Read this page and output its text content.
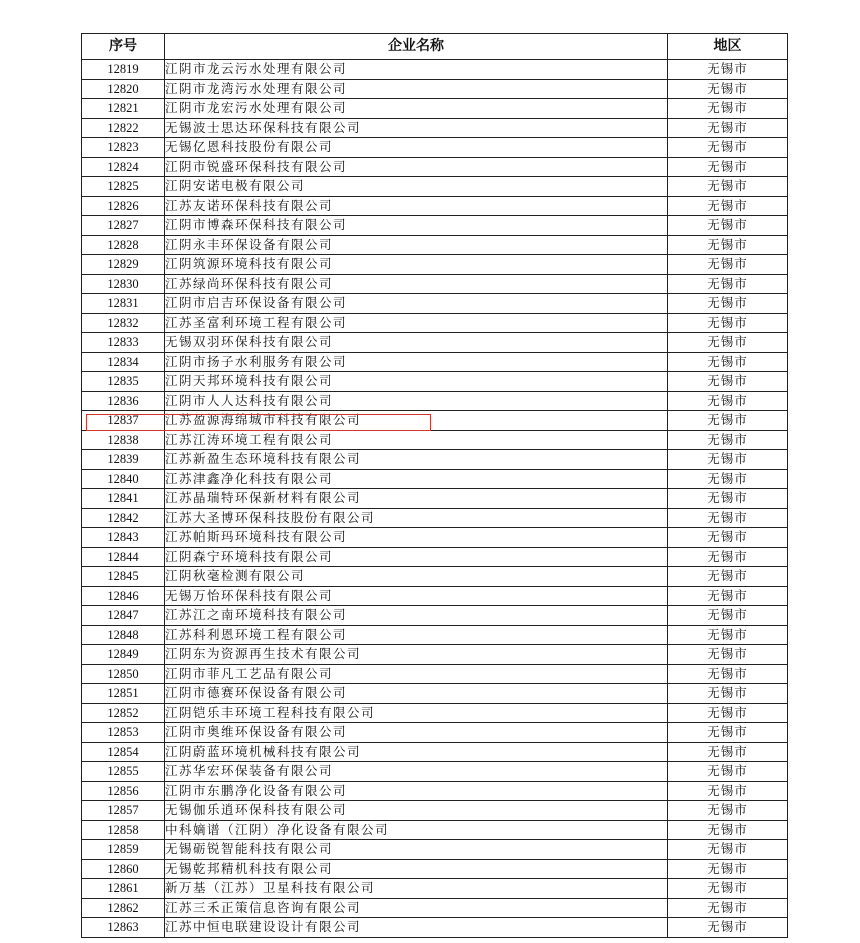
序号	企业名称	地区
12819	江阴市龙云污水处理有限公司	无锡市
12820	江阴市龙湾污水处理有限公司	无锡市
12821	江阴市龙宏污水处理有限公司	无锡市
12822	无锡波士思达环保科技有限公司	无锡市
12823	无锡亿恩科技股份有限公司	无锡市
12824	江阴市锐盛环保科技有限公司	无锡市
12825	江阴安诺电极有限公司	无锡市
12826	江苏友诺环保科技有限公司	无锡市
12827	江阴市博森环保科技有限公司	无锡市
12828	江阴永丰环保设备有限公司	无锡市
12829	江阴筑源环境科技有限公司	无锡市
12830	江苏绿尚环保科技有限公司	无锡市
12831	江阴市启吉环保设备有限公司	无锡市
12832	江苏圣富利环境工程有限公司	无锡市
12833	无锡双羽环保科技有限公司	无锡市
12834	江阴市扬子水利服务有限公司	无锡市
12835	江阴天邦环境科技有限公司	无锡市
12836	江阴市人人达科技有限公司	无锡市
12837	江苏盈源海绵城市科技有限公司	无锡市
12838	江苏江涛环境工程有限公司	无锡市
12839	江苏新盈生态环境科技有限公司	无锡市
12840	江苏津鑫净化科技有限公司	无锡市
12841	江苏晶瑞特环保新材料有限公司	无锡市
12842	江苏大圣博环保科技股份有限公司	无锡市
12843	江苏帕斯玛环境科技有限公司	无锡市
12844	江阴森宁环境科技有限公司	无锡市
12845	江阴秋毫检测有限公司	无锡市
12846	无锡万怡环保科技有限公司	无锡市
12847	江苏江之南环境科技有限公司	无锡市
12848	江苏科利恩环境工程有限公司	无锡市
12849	江阴东为资源再生技术有限公司	无锡市
12850	江阴市菲凡工艺品有限公司	无锡市
12851	江阴市德赛环保设备有限公司	无锡市
12852	江阴铠乐丰环境工程科技有限公司	无锡市
12853	江阴市奥维环保设备有限公司	无锡市
12854	江阴蔚蓝环境机械科技有限公司	无锡市
12855	江苏华宏环保装备有限公司	无锡市
12856	江阴市东鹏净化设备有限公司	无锡市
12857	无锡伽乐逍环保科技有限公司	无锡市
12858	中科嫡谱（江阴）净化设备有限公司	无锡市
12859	无锡砺锐智能科技有限公司	无锡市
12860	无锡乾邦精机科技有限公司	无锡市
12861	新万基（江苏）卫星科技有限公司	无锡市
12862	江苏三禾正策信息咨询有限公司	无锡市
12863	江苏中恒电联建设设计有限公司	无锡市
